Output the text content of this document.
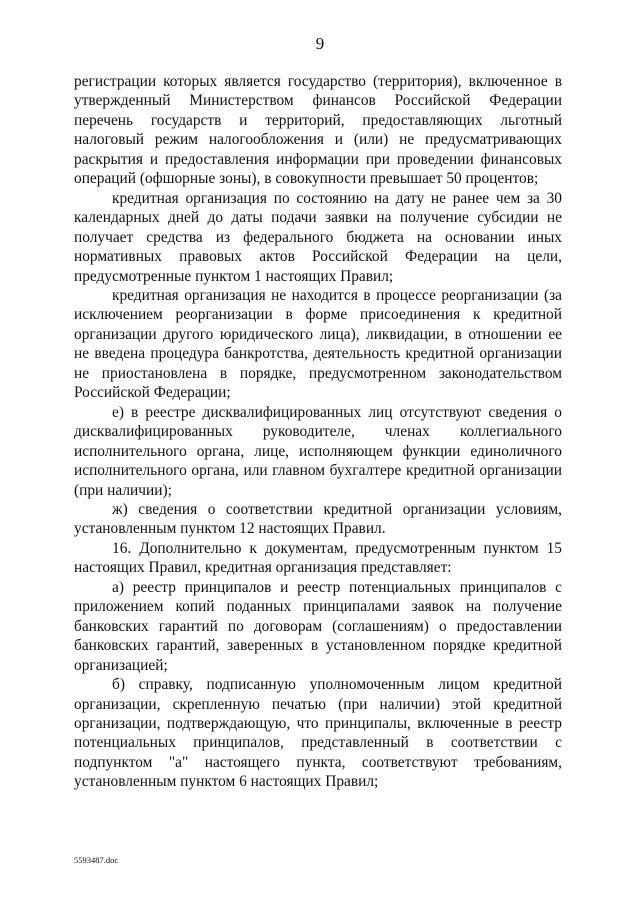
9

регистрации которых является государство (территория), включенное в утвержденный Министерством финансов Российской Федерации перечень государств и территорий, предоставляющих льготный налоговый режим налогообложения и (или) не предусматривающих раскрытия и предоставления информации при проведении финансовых операций (офшорные зоны), в совокупности превышает 50 процентов;

кредитная организация по состоянию на дату не ранее чем за 30 календарных дней до даты подачи заявки на получение субсидии не получает средства из федерального бюджета на основании иных нормативных правовых актов Российской Федерации на цели, предусмотренные пунктом 1 настоящих Правил;

кредитная организация не находится в процессе реорганизации (за исключением реорганизации в форме присоединения к кредитной организации другого юридического лица), ликвидации, в отношении ее не введена процедура банкротства, деятельность кредитной организации не приостановлена в порядке, предусмотренном законодательством Российской Федерации;

е) в реестре дисквалифицированных лиц отсутствуют сведения о дисквалифицированных руководителе, членах коллегиального исполнительного органа, лице, исполняющем функции единоличного исполнительного органа, или главном бухгалтере кредитной организации (при наличии);

ж) сведения о соответствии кредитной организации условиям, установленным пунктом 12 настоящих Правил.

16. Дополнительно к документам, предусмотренным пунктом 15 настоящих Правил, кредитная организация представляет:

а) реестр принципалов и реестр потенциальных принципалов с приложением копий поданных принципалами заявок на получение банковских гарантий по договорам (соглашениям) о предоставлении банковских гарантий, заверенных в установленном порядке кредитной организацией;

б) справку, подписанную уполномоченным лицом кредитной организации, скрепленную печатью (при наличии) этой кредитной организации, подтверждающую, что принципалы, включенные в реестр потенциальных принципалов, представленный в соответствии с подпунктом "а" настоящего пункта, соответствуют требованиям, установленным пунктом 6 настоящих Правил;

5593487.doc
